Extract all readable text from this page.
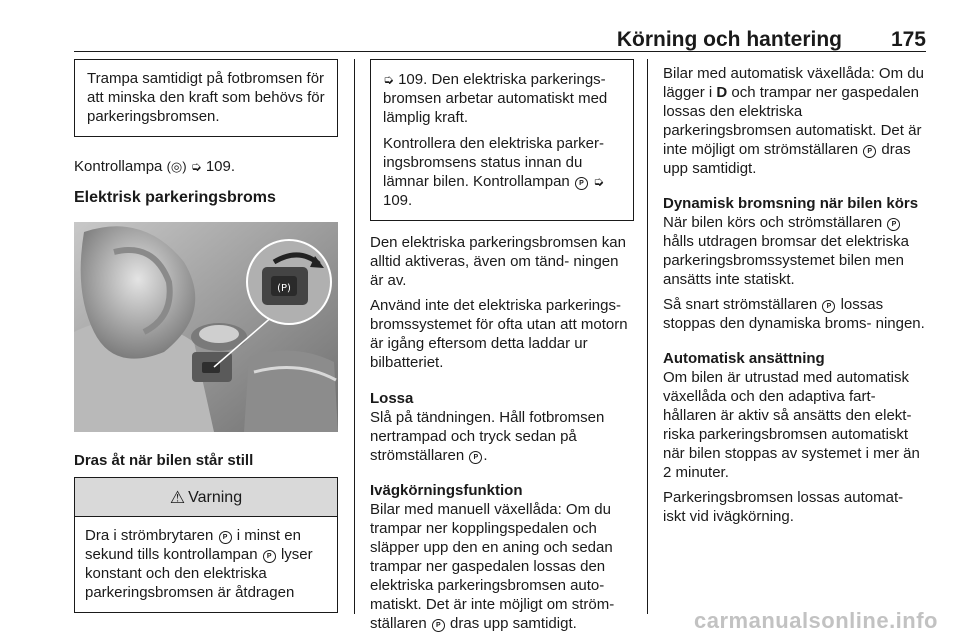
Körning och hantering 175

Trampa samtidigt på fotbromsen för att minska den kraft som behövs för parkeringsbromsen.

Kontrollampa (◎) ➭ 109.

Elektrisk parkeringsbroms

(P)

Dras åt när bilen står still

⚠ Varning

Dra i strömbrytaren P i minst en sekund tills kontrollampan P lyser konstant och den elektriska parkeringsbromsen är åtdragen

➭ 109. Den elektriska parkerings- bromsen arbetar automatiskt med lämplig kraft.

Kontrollera den elektriska parker- ingsbromsens status innan du lämnar bilen. Kontrollampan P ➭ 109.

Den elektriska parkeringsbromsen kan alltid aktiveras, även om tänd- ningen är av.

Använd inte det elektriska parkerings- bromssystemet för ofta utan att motorn är igång eftersom detta laddar ur bilbatteriet.

Lossa

Slå på tändningen. Håll fotbromsen nertrampad och tryck sedan på strömställaren P .

Ivägkörningsfunktion

Bilar med manuell växellåda: Om du trampar ner kopplingspedalen och släpper upp den en aning och sedan trampar ner gaspedalen lossas den elektriska parkeringsbromsen auto- matiskt. Det är inte möjligt om ström- ställaren P dras upp samtidigt.

Bilar med automatisk växellåda: Om du lägger i D och trampar ner gaspedalen lossas den elektriska parkeringsbromsen automatiskt. Det är inte möjligt om strömställaren P dras upp samtidigt.

Dynamisk bromsning när bilen körs

När bilen körs och strömställaren P hålls utdragen bromsar det elektriska parkeringsbromssystemet bilen men ansätts inte statiskt.

Så snart strömställaren P lossas stoppas den dynamiska broms- ningen.

Automatisk ansättning

Om bilen är utrustad med automatisk växellåda och den adaptiva fart- hållaren är aktiv så ansätts den elekt- riska parkeringsbromsen automatiskt när bilen stoppas av systemet i mer än 2 minuter.

Parkeringsbromsen lossas automat- iskt vid ivägkörning.

carmanualsonline.info
